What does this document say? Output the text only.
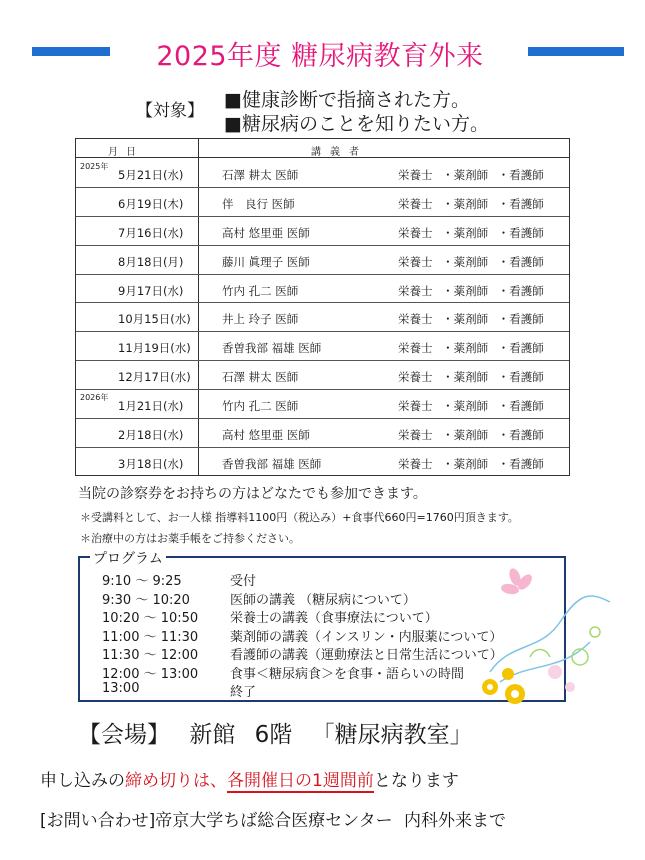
2025年度 糖尿病教育外来
【対象】 ■健康診断で指摘された方。
■糖尿病のことを知りたい方。
月日	講義者
2025年
5月21日(水)	石澤 耕太 医師	栄養士 ・薬剤師 ・看護師
6月19日(木)	伴　良行 医師	栄養士 ・薬剤師 ・看護師
7月16日(水)	高村 悠里亜 医師	栄養士 ・薬剤師 ・看護師
8月18日(月)	藤川 眞理子 医師	栄養士 ・薬剤師 ・看護師
9月17日(水)	竹内 孔二 医師	栄養士 ・薬剤師 ・看護師
10月15日(水)	井上 玲子 医師	栄養士 ・薬剤師 ・看護師
11月19日(水)	香曽我部 福雄 医師	栄養士 ・薬剤師 ・看護師
12月17日(水)	石澤 耕太 医師	栄養士 ・薬剤師 ・看護師
2026年
1月21日(水)	竹内 孔二 医師	栄養士 ・薬剤師 ・看護師
2月18日(水)	高村 悠里亜 医師	栄養士 ・薬剤師 ・看護師
3月18日(水)	香曽我部 福雄 医師	栄養士 ・薬剤師 ・看護師
当院の診察券をお持ちの方はどなたでも参加できます。
＊受講料として、お一人様 指導料1100円（税込み）+食事代660円=1760円頂きます。
＊治療中の方はお薬手帳をご持参ください。
プログラム
9:10 ～ 9:25	受付
9:30 ～ 10:20	医師の講義 （糖尿病について）
10:20 ～ 10:50 栄養士の講義（食事療法について）
11:00 ～ 11:30 薬剤師の講義（インスリン・内服薬について）
11:30 ～ 12:00 看護師の講義（運動療法と日常生活について）
12:00 ～ 13:00 食事＜糖尿病食＞を食事・語らいの時間
13:00	終了
【会場】 新館 6階 「糖尿病教室」
申し込みの締め切りは、各開催日の1週間前となります
[お問い合わせ]帝京大学ちば総合医療センター 内科外来まで
